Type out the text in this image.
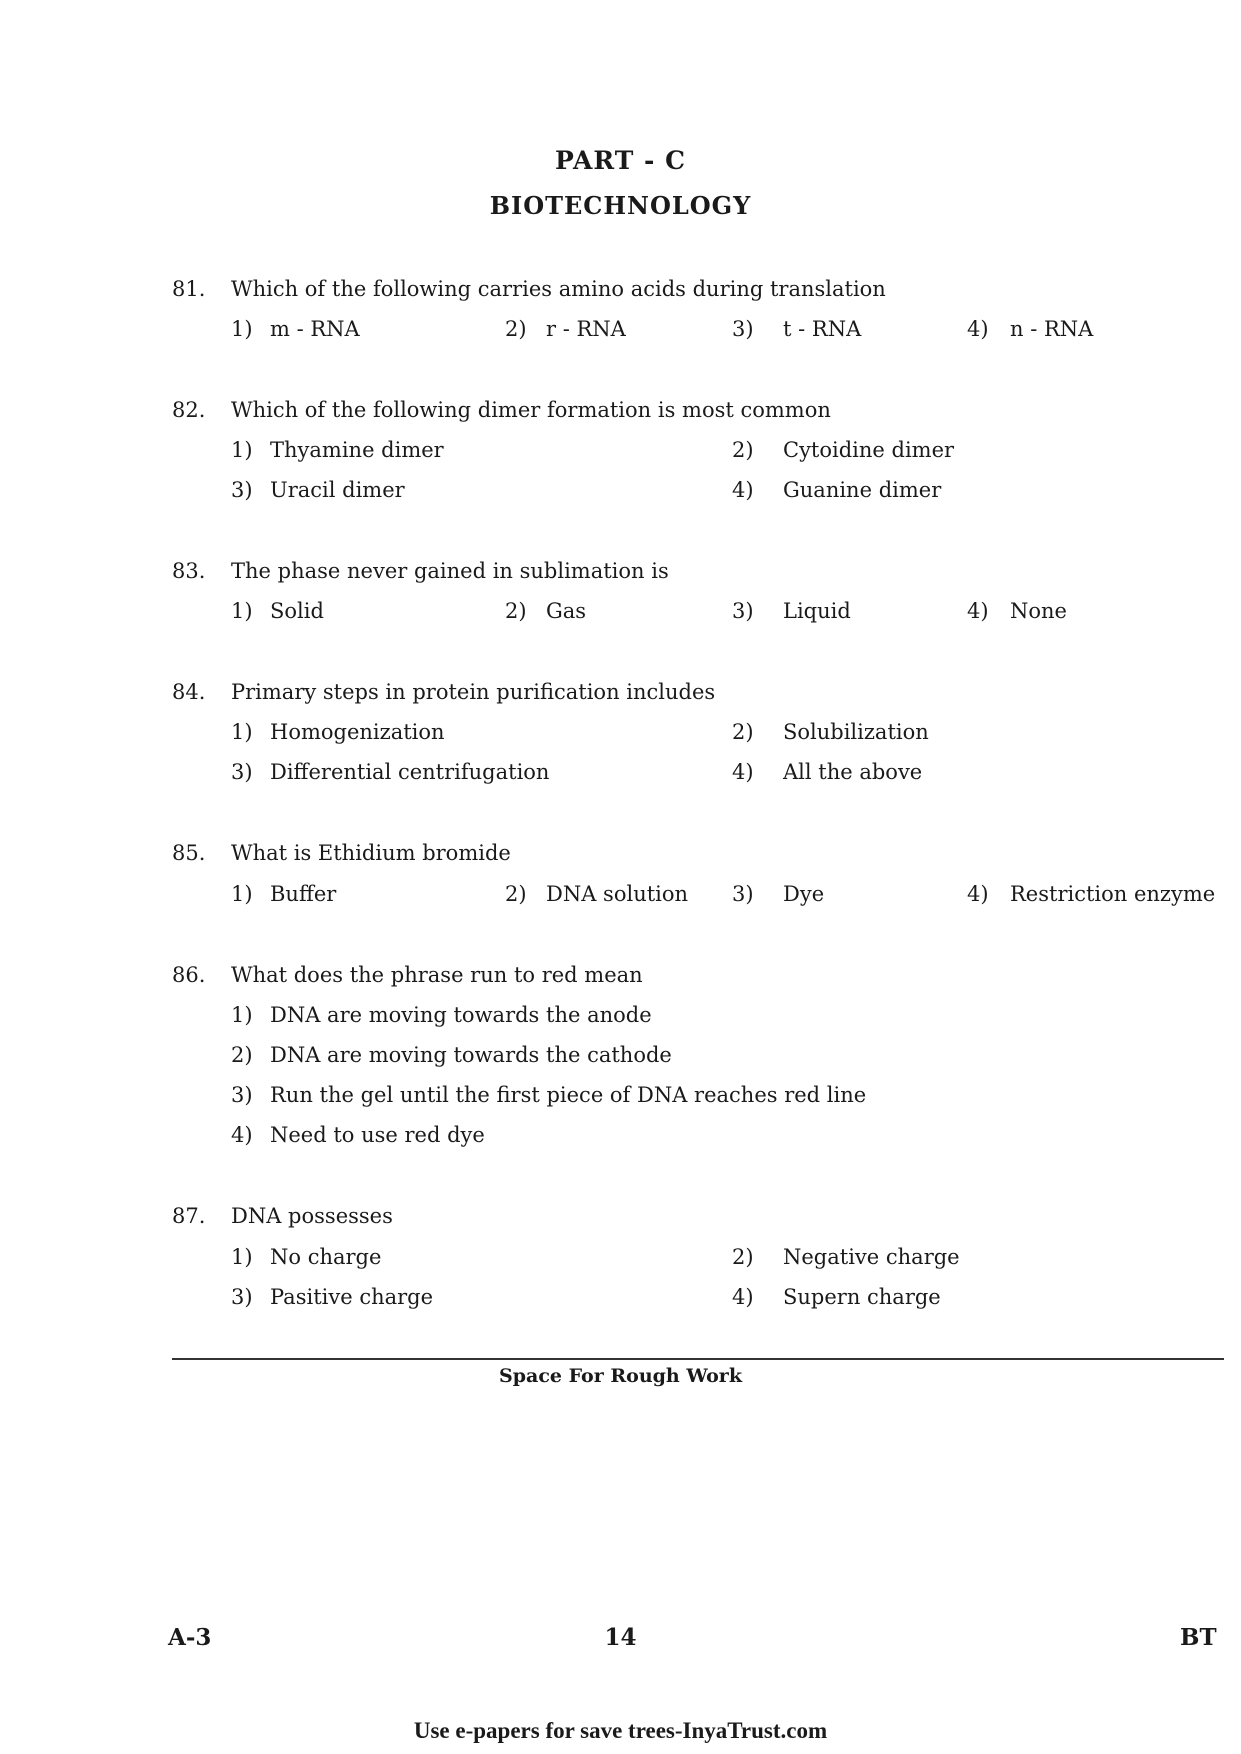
PART - C
BIOTECHNOLOGY
81. Which of the following carries amino acids during translation
1) m - RNA	2) r - RNA	3) t - RNA	4) n - RNA
82. Which of the following dimer formation is most common
1) Thyamine dimer	2) Cytoidine dimer
3) Uracil dimer	4) Guanine dimer
83. The phase never gained in sublimation is
1) Solid	2) Gas	3) Liquid	4) None
84. Primary steps in protein purification includes
1) Homogenization	2) Solubilization
3) Differential centrifugation	4) All the above
85. What is Ethidium bromide
1) Buffer	2) DNA solution 3) Dye	4) Restriction enzyme
86. What does the phrase run to red mean
1) DNA are moving towards the anode
2) DNA are moving towards the cathode
3) Run the gel until the first piece of DNA reaches red line
4) Need to use red dye
87. DNA possesses
1) No charge	2) Negative charge
3) Pasitive charge	4) Supern charge
Space For Rough Work
A-3	14	BT
Use e-papers for save trees-InyaTrust.com
